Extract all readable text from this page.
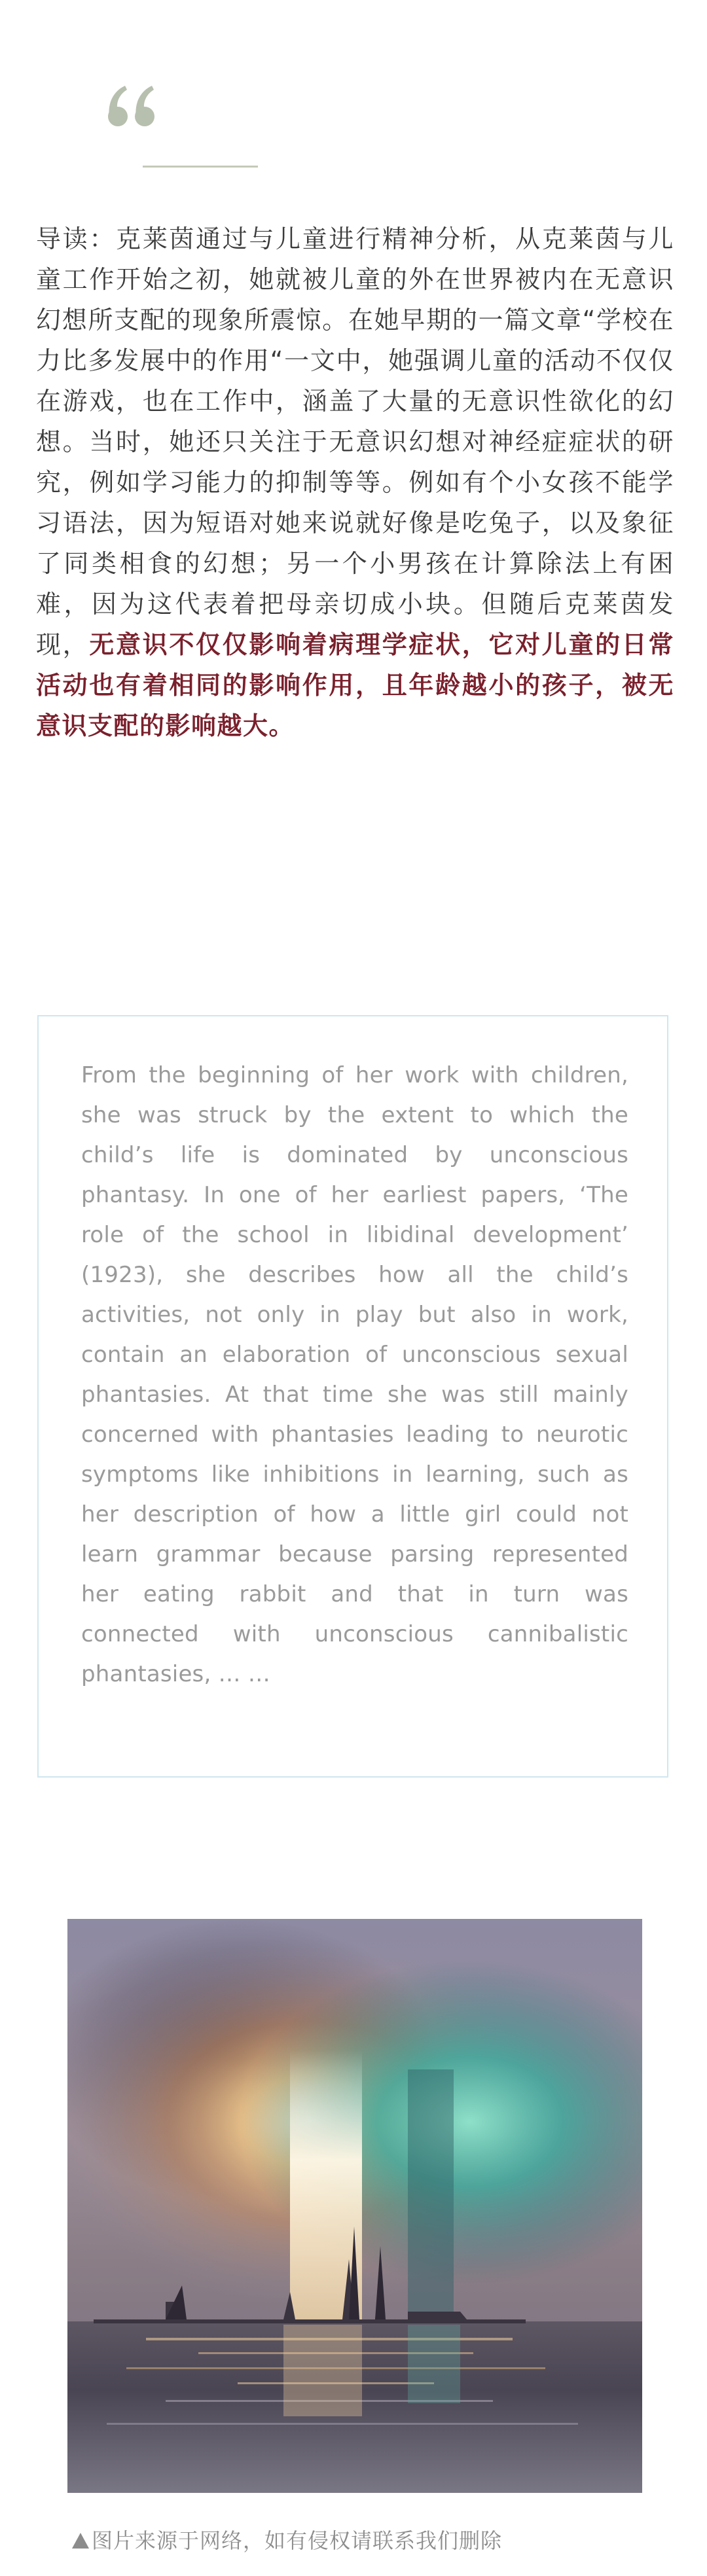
导读：克莱茵通过与儿童进行精神分析，从克莱茵与儿童工作开始之初，她就被儿童的外在世界被内在无意识幻想所支配的现象所震惊。在她早期的一篇文章“学校在力比多发展中的作用“一文中，她强调儿童的活动不仅仅在游戏，也在工作中，涵盖了大量的无意识性欲化的幻想。当时，她还只关注于无意识幻想对神经症症状的研究，例如学习能力的抑制等等。例如有个小女孩不能学习语法，因为短语对她来说就好像是吃兔子，以及象征了同类相食的幻想；另一个小男孩在计算除法上有困难，因为这代表着把母亲切成小块。但随后克莱茵发现，无意识不仅仅影响着病理学症状，它对儿童的日常活动也有着相同的影响作用，且年龄越小的孩子，被无意识支配的影响越大。

From the beginning of her work with children, she was struck by the extent to which the child’s life is dominated by unconscious phantasy. In one of her earliest papers, ‘The role of the school in libidinal development’ (1923), she describes how all the child’s activities, not only in play but also in work, contain an elaboration of unconscious sexual phantasies. At that time she was still mainly concerned with phantasies leading to neurotic symptoms like inhibitions in learning, such as her description of how a little girl could not learn grammar because parsing represented her eating rabbit and that in turn was connected with unconscious cannibalistic phantasies, … …

图片来源于网络，如有侵权请联系我们删除
